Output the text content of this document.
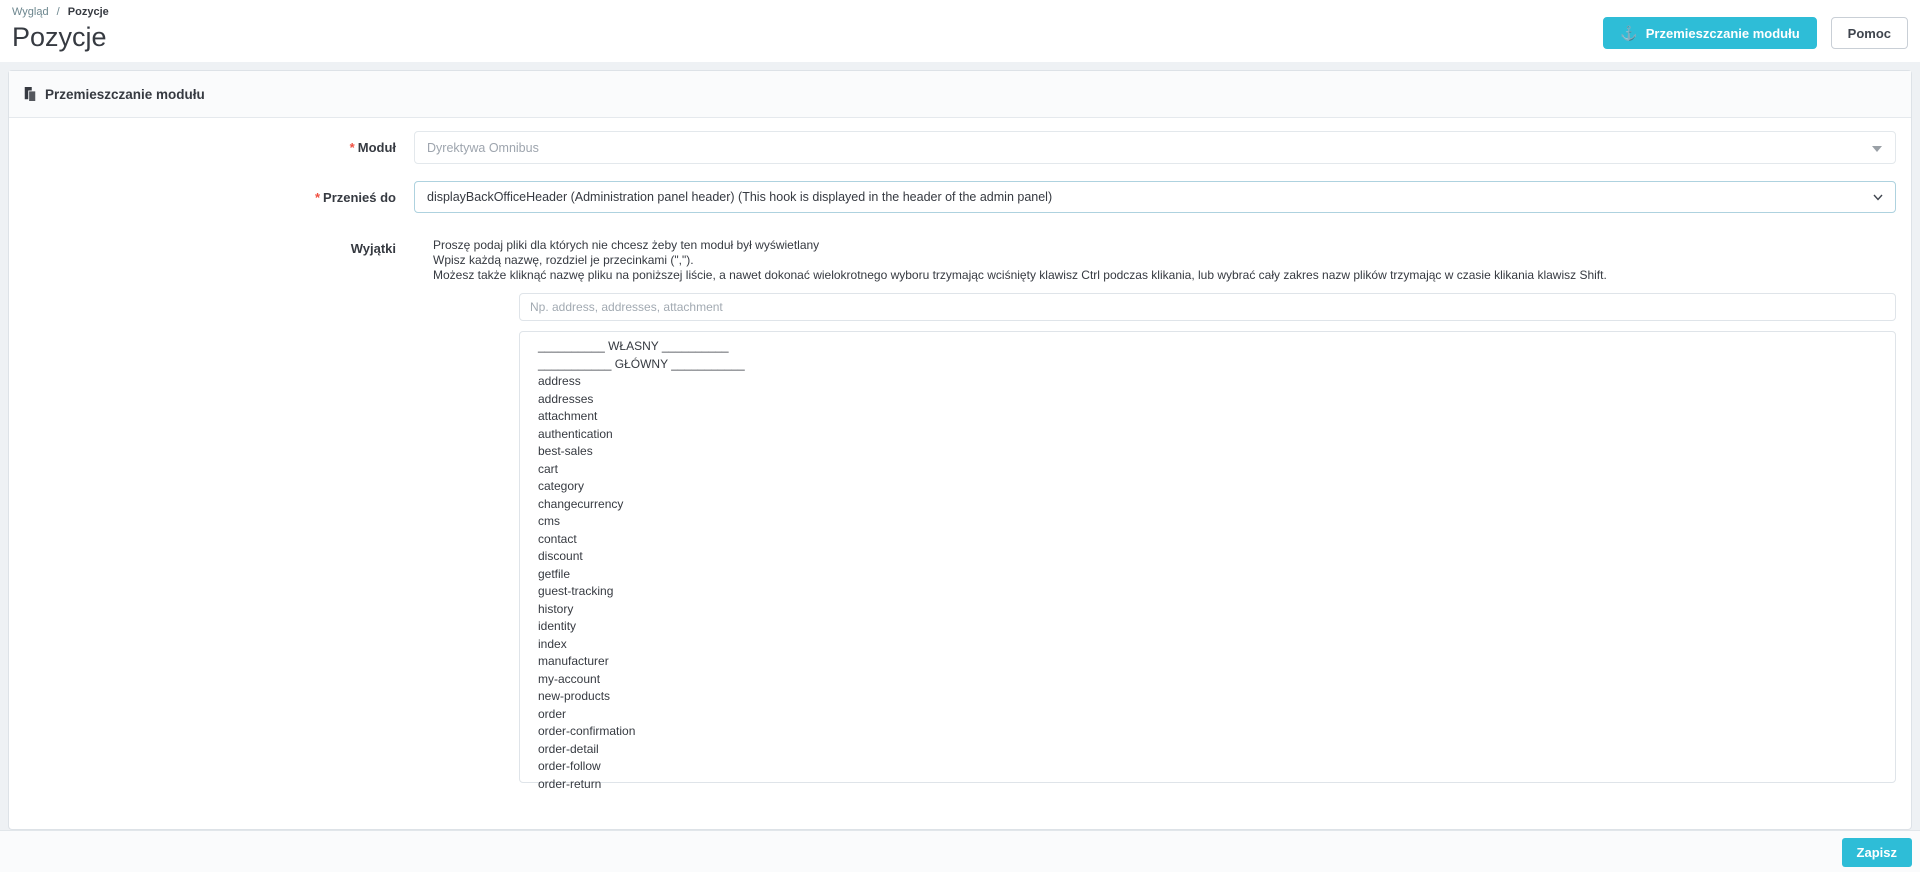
Wygląd / Pozycje
Pozycje	⚓ Przemieszczanie modułu	Pomoc
Przemieszczanie modułu
* Moduł	Dyrektywa Omnibus
* Przenieś do	displayBackOfficeHeader (Administration panel header) (This hook is displayed in the header of the admin panel)
Wyjątki	Proszę podaj pliki dla których nie chcesz żeby ten moduł był wyświetlany
Wpisz każdą nazwę, rozdziel je przecinkami (",").
Możesz także kliknąć nazwę pliku na poniższej liście, a nawet dokonać wielokrotnego wyboru trzymając wciśnięty klawisz Ctrl podczas klikania, lub wybrać cały zakres nazw plików trzymając w czasie klikania klawisz Shift.
Np. address, addresses, attachment
__________ WŁASNY __________
___________ GŁÓWNY ___________
address
addresses
attachment
authentication
best-sales
cart
category
changecurrency
cms
contact
discount
getfile
guest-tracking
history
identity
index
manufacturer
my-account
new-products
order
order-confirmation
order-detail
order-follow
order-return
Zapisz
